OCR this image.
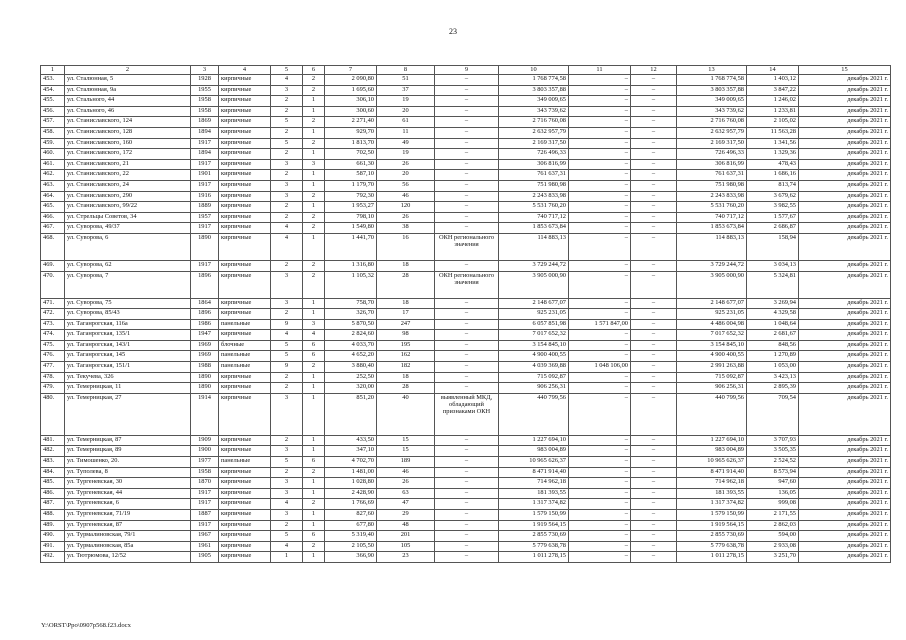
23
1	2	3	4	5	6	7	8	9	10	11	12	13	14	15
453.	ул. Сталюнная, 5	1928	кирпичные	4	2	2 090,80	51	–	1 768 774,58	–	–	1 768 774,58	1 403,12	декабрь 2021 г.
454.	ул. Сталюнная, 9а	1955	кирпичные	3	2	1 695,60	37	–	3 803 357,88	–	–	3 803 357,88	3 847,22	декабрь 2021 г.
455.	ул. Стального, 44	1958	кирпичные	2	1	306,10	19	–	349 009,65	–	–	349 009,65	1 246,02	декабрь 2021 г.
456.	ул. Стального, 46	1958	кирпичные	2	1	300,60	20	–	343 739,62	–	–	343 739,62	1 233,81	декабрь 2021 г.
457.	ул. Станиславского, 124	1869	кирпичные	5	2	2 271,40	61	–	2 716 760,08	–	–	2 716 760,08	2 105,02	декабрь 2021 г.
458.	ул. Станиславского, 128	1894	кирпичные	2	1	929,70	11	–	2 632 957,79	–	–	2 632 957,79	11 563,28	декабрь 2021 г.
459.	ул. Станиславского, 160	1917	кирпичные	5	2	1 813,70	49	–	2 169 317,50	–	–	2 169 317,50	1 341,56	декабрь 2021 г.
460.	ул. Станиславского, 172	1894	кирпичные	2	1	702,50	19	–	726 496,33	–	–	726 496,33	1 329,36	декабрь 2021 г.
461.	ул. Станиславского, 21	1917	кирпичные	3	3	661,30	26	–	306 816,99	–	–	306 816,99	478,43	декабрь 2021 г.
462.	ул. Станиславского, 22	1901	кирпичные	2	1	587,10	20	–	761 637,31	–	–	761 637,31	1 686,16	декабрь 2021 г.
463.	ул. Станиславского, 24	1917	кирпичные	3	1	1 179,70	56	–	751 980,98	–	–	751 980,98	813,74	декабрь 2021 г.
464.	ул. Станиславского, 290	1916	кирпичные	3	2	792,30	46	–	2 243 833,98	–	–	2 243 833,98	3 679,62	декабрь 2021 г.
465.	ул. Станиславского, 99/22	1889	кирпичные	2	1	1 953,27	120	–	5 531 760,20	–	–	5 531 760,20	3 982,55	декабрь 2021 г.
466.	ул. Стрельцы Советов, 34	1957	кирпичные	2	2	798,10	26	–	740 717,12	–	–	740 717,12	1 577,67	декабрь 2021 г.
467.	ул. Суворова, 49/37	1917	кирпичные	4	2	1 549,80	38	–	1 853 673,84	–	–	1 853 673,84	2 686,87	декабрь 2021 г.
468.	ул. Суворова, 6	1890	кирпичные	4	1	1 441,70	16	ОКН регионального значения	114 883,13	–	–	114 883,13	158,94	декабрь 2021 г.
469.	ул. Суворова, 62	1917	кирпичные	2	2	1 316,80	18	–	3 729 244,72	–	–	3 729 244,72	3 034,13	декабрь 2021 г.
470.	ул. Суворова, 7	1896	кирпичные	3	2	1 105,32	28	ОКН регионального значения	3 905 000,90	–	–	3 905 000,90	5 324,81	декабрь 2021 г.
471.	ул. Суворова, 75	1864	кирпичные	3	1	758,70	18	–	2 148 677,07	–	–	2 148 677,07	3 269,94	декабрь 2021 г.
472.	ул. Суворова, 85/43	1896	кирпичные	2	1	326,70	17	–	925 231,05	–	–	925 231,05	4 329,58	декабрь 2021 г.
473.	ул. Таганрогская, 116а	1986	панельные	9	3	5 870,50	247	–	6 057 851,98	1 571 847,00	–	4 486 004,98	1 048,64	декабрь 2021 г.
474.	ул. Таганрогская, 135/1	1947	кирпичные	4	4	2 824,60	98	–	7 017 652,32	–	–	7 017 652,32	2 681,67	декабрь 2021 г.
475.	ул. Таганрогская, 143/1	1969	блочные	5	6	4 033,70	195	–	3 154 845,10	–	–	3 154 845,10	848,56	декабрь 2021 г.
476.	ул. Таганрогская, 145	1969	панельные	5	6	4 652,20	162	–	4 900 400,55	–	–	4 900 400,55	1 270,89	декабрь 2021 г.
477.	ул. Таганрогская, 151/1	1988	панельные	9	2	3 880,40	182	–	4 039 369,88	1 048 106,00	–	2 991 263,88	1 053,00	декабрь 2021 г.
478.	ул. Текучева, 326	1890	кирпичные	2	1	252,50	18	–	715 092,87	–	–	715 092,87	3 423,13	декабрь 2021 г.
479.	ул. Темерницкая, 11	1890	кирпичные	2	1	320,00	28	–	906 256,31	–	–	906 256,31	2 895,39	декабрь 2021 г.
480.	ул. Темерницкая, 27	1914	кирпичные	3	1	851,20	40	выявленный МКД, обладающий признаками ОКН	440 799,56	–	–	440 799,56	709,54	декабрь 2021 г.
481.	ул. Темерницкая, 87	1909	кирпичные	2	1	433,50	15	–	1 227 694,10	–	–	1 227 694,10	3 707,93	декабрь 2021 г.
482.	ул. Темерницкая, 89	1900	кирпичные	3	1	347,10	15	–	983 004,89	–	–	983 004,89	3 505,35	декабрь 2021 г.
483.	ул. Тимошенко, 20.	1977	панельные	5	6	4 702,70	189	–	10 965 626,37	–	–	10 965 626,37	2 524,52	декабрь 2021 г.
484.	ул. Туполева, 8	1958	кирпичные	2	2	1 481,00	46	–	8 471 914,40	–	–	8 471 914,40	8 573,94	декабрь 2021 г.
485.	ул. Тургеневская, 30	1870	кирпичные	3	1	1 028,80	26	–	714 962,18	–	–	714 962,18	947,60	декабрь 2021 г.
486.	ул. Тургеневская, 44	1917	кирпичные	3	1	2 428,90	63	–	181 393,55	–	–	181 393,55	136,05	декабрь 2021 г.
487.	ул. Тургеневская, 6	1917	кирпичные	4	2	1 766,69	47	–	1 317 374,82	–	–	1 317 374,82	999,08	декабрь 2021 г.
488.	ул. Тургеневская, 71/19	1887	кирпичные	3	1	827,60	29	–	1 579 150,99	–	–	1 579 150,99	2 171,55	декабрь 2021 г.
489.	ул. Тургеневская, 87	1917	кирпичные	2	1	677,80	48	–	1 919 564,15	–	–	1 919 564,15	2 862,03	декабрь 2021 г.
490.	ул. Турмалиновская, 79/1	1967	кирпичные	5	6	5 319,40	201	–	2 855 730,69	–	–	2 855 730,69	594,00	декабрь 2021 г.
491.	ул. Турмалиновская, 85а	1961	кирпичные	4	2	2 105,50	105	–	5 779 638,78	–	–	5 779 638,78	2 933,08	декабрь 2021 г.
492.	ул. Тютрюмова, 12/52	1905	кирпичные	1	1	366,90	23	–	1 011 278,15	–	–	1 011 278,15	3 251,70	декабрь 2021 г.
Y:\ORST\Ppo\0907p568.f23.docx
